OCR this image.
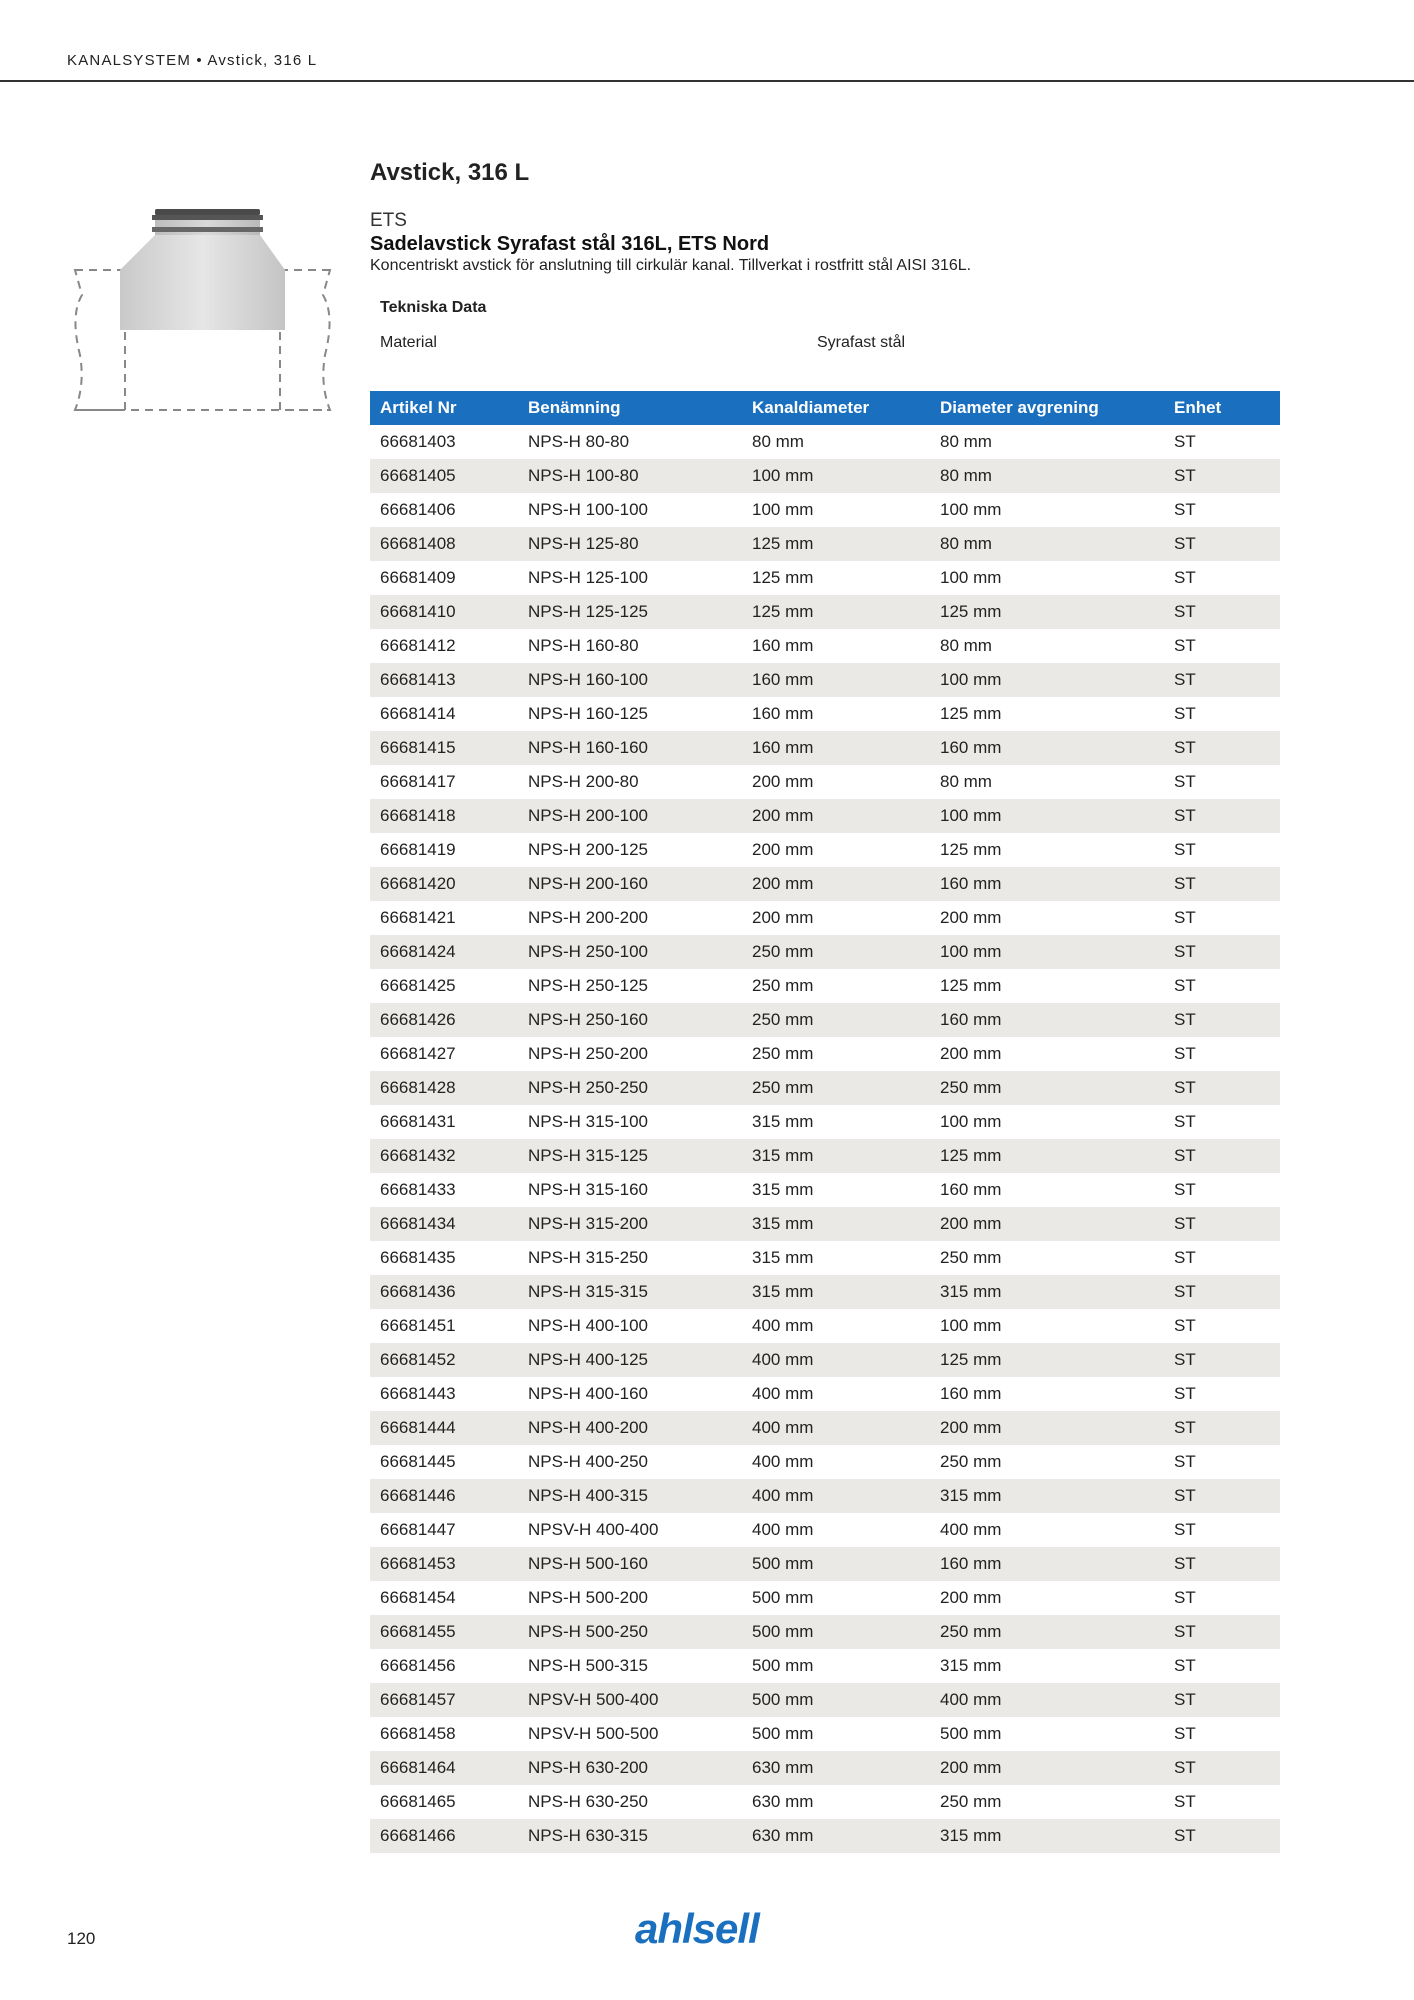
KANALSYSTEM • Avstick, 316 L
Avstick, 316 L
ETS
Sadelavstick Syrafast stål 316L, ETS Nord
Koncentriskt avstick för anslutning till cirkulär kanal. Tillverkat i rostfritt stål AISI 316L.
Tekniska Data
Material	Syrafast stål
Artikel Nr	Benämning	Kanaldiameter	Diameter avgrening	Enhet
66681403	NPS-H 80-80	80 mm	80 mm	ST
66681405	NPS-H 100-80	100 mm	80 mm	ST
66681406	NPS-H 100-100	100 mm	100 mm	ST
66681408	NPS-H 125-80	125 mm	80 mm	ST
66681409	NPS-H 125-100	125 mm	100 mm	ST
66681410	NPS-H 125-125	125 mm	125 mm	ST
66681412	NPS-H 160-80	160 mm	80 mm	ST
66681413	NPS-H 160-100	160 mm	100 mm	ST
66681414	NPS-H 160-125	160 mm	125 mm	ST
66681415	NPS-H 160-160	160 mm	160 mm	ST
66681417	NPS-H 200-80	200 mm	80 mm	ST
66681418	NPS-H 200-100	200 mm	100 mm	ST
66681419	NPS-H 200-125	200 mm	125 mm	ST
66681420	NPS-H 200-160	200 mm	160 mm	ST
66681421	NPS-H 200-200	200 mm	200 mm	ST
66681424	NPS-H 250-100	250 mm	100 mm	ST
66681425	NPS-H 250-125	250 mm	125 mm	ST
66681426	NPS-H 250-160	250 mm	160 mm	ST
66681427	NPS-H 250-200	250 mm	200 mm	ST
66681428	NPS-H 250-250	250 mm	250 mm	ST
66681431	NPS-H 315-100	315 mm	100 mm	ST
66681432	NPS-H 315-125	315 mm	125 mm	ST
66681433	NPS-H 315-160	315 mm	160 mm	ST
66681434	NPS-H 315-200	315 mm	200 mm	ST
66681435	NPS-H 315-250	315 mm	250 mm	ST
66681436	NPS-H 315-315	315 mm	315 mm	ST
66681451	NPS-H 400-100	400 mm	100 mm	ST
66681452	NPS-H 400-125	400 mm	125 mm	ST
66681443	NPS-H 400-160	400 mm	160 mm	ST
66681444	NPS-H 400-200	400 mm	200 mm	ST
66681445	NPS-H 400-250	400 mm	250 mm	ST
66681446	NPS-H 400-315	400 mm	315 mm	ST
66681447	NPSV-H 400-400	400 mm	400 mm	ST
66681453	NPS-H 500-160	500 mm	160 mm	ST
66681454	NPS-H 500-200	500 mm	200 mm	ST
66681455	NPS-H 500-250	500 mm	250 mm	ST
66681456	NPS-H 500-315	500 mm	315 mm	ST
66681457	NPSV-H 500-400	500 mm	400 mm	ST
66681458	NPSV-H 500-500	500 mm	500 mm	ST
66681464	NPS-H 630-200	630 mm	200 mm	ST
66681465	NPS-H 630-250	630 mm	250 mm	ST
66681466	NPS-H 630-315	630 mm	315 mm	ST
120	ahlsell
